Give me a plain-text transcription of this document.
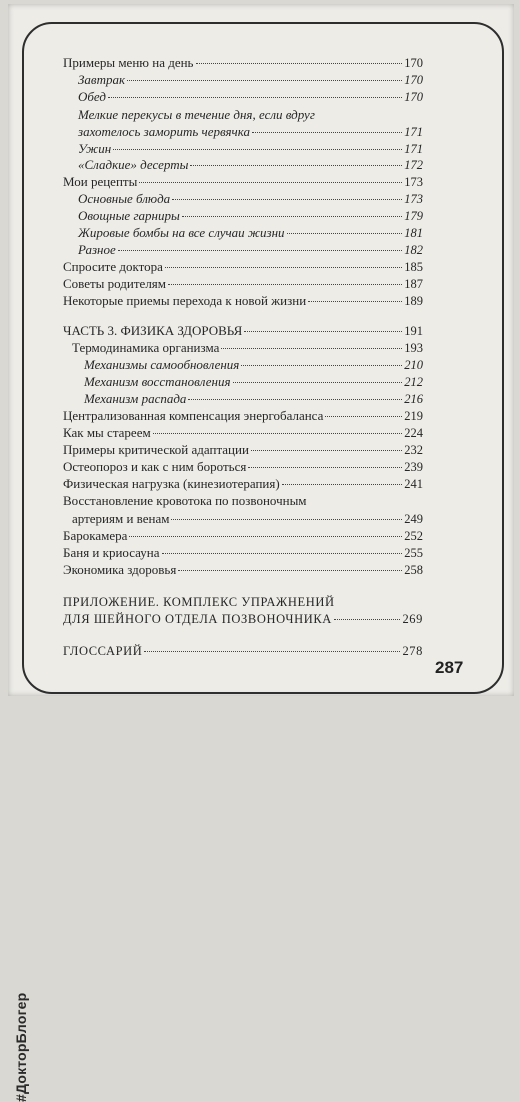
#ДокторБлогер
287
Примеры меню на день	170
Завтрак	170
Обед	170
Мелкие перекусы в течение дня, если вдруг
захотелось заморить червячка	171
Ужин	171
«Сладкие» десерты	172
Мои рецепты	173
Основные блюда	173
Овощные гарниры	179
Жировые бомбы на все случаи жизни	181
Разное	182
Спросите доктора	185
Советы родителям	187
Некоторые приемы перехода к новой жизни	189
ЧАСТЬ 3. ФИЗИКА ЗДОРОВЬЯ	191
Термодинамика организма	193
Механизмы самообновления	210
Механизм восстановления	212
Механизм распада	216
Централизованная компенсация энергобаланса	219
Как мы стареем	224
Примеры критической адаптации	232
Остеопороз и как с ним бороться	239
Физическая нагрузка (кинезиотерапия)	241
Восстановление кровотока по позвоночным
артериям и венам	249
Барокамера	252
Баня и криосауна	255
Экономика здоровья	258
ПРИЛОЖЕНИЕ. КОМПЛЕКС УПРАЖНЕНИЙ
ДЛЯ ШЕЙНОГО ОТДЕЛА ПОЗВОНОЧНИКА	269
ГЛОССАРИЙ	278
